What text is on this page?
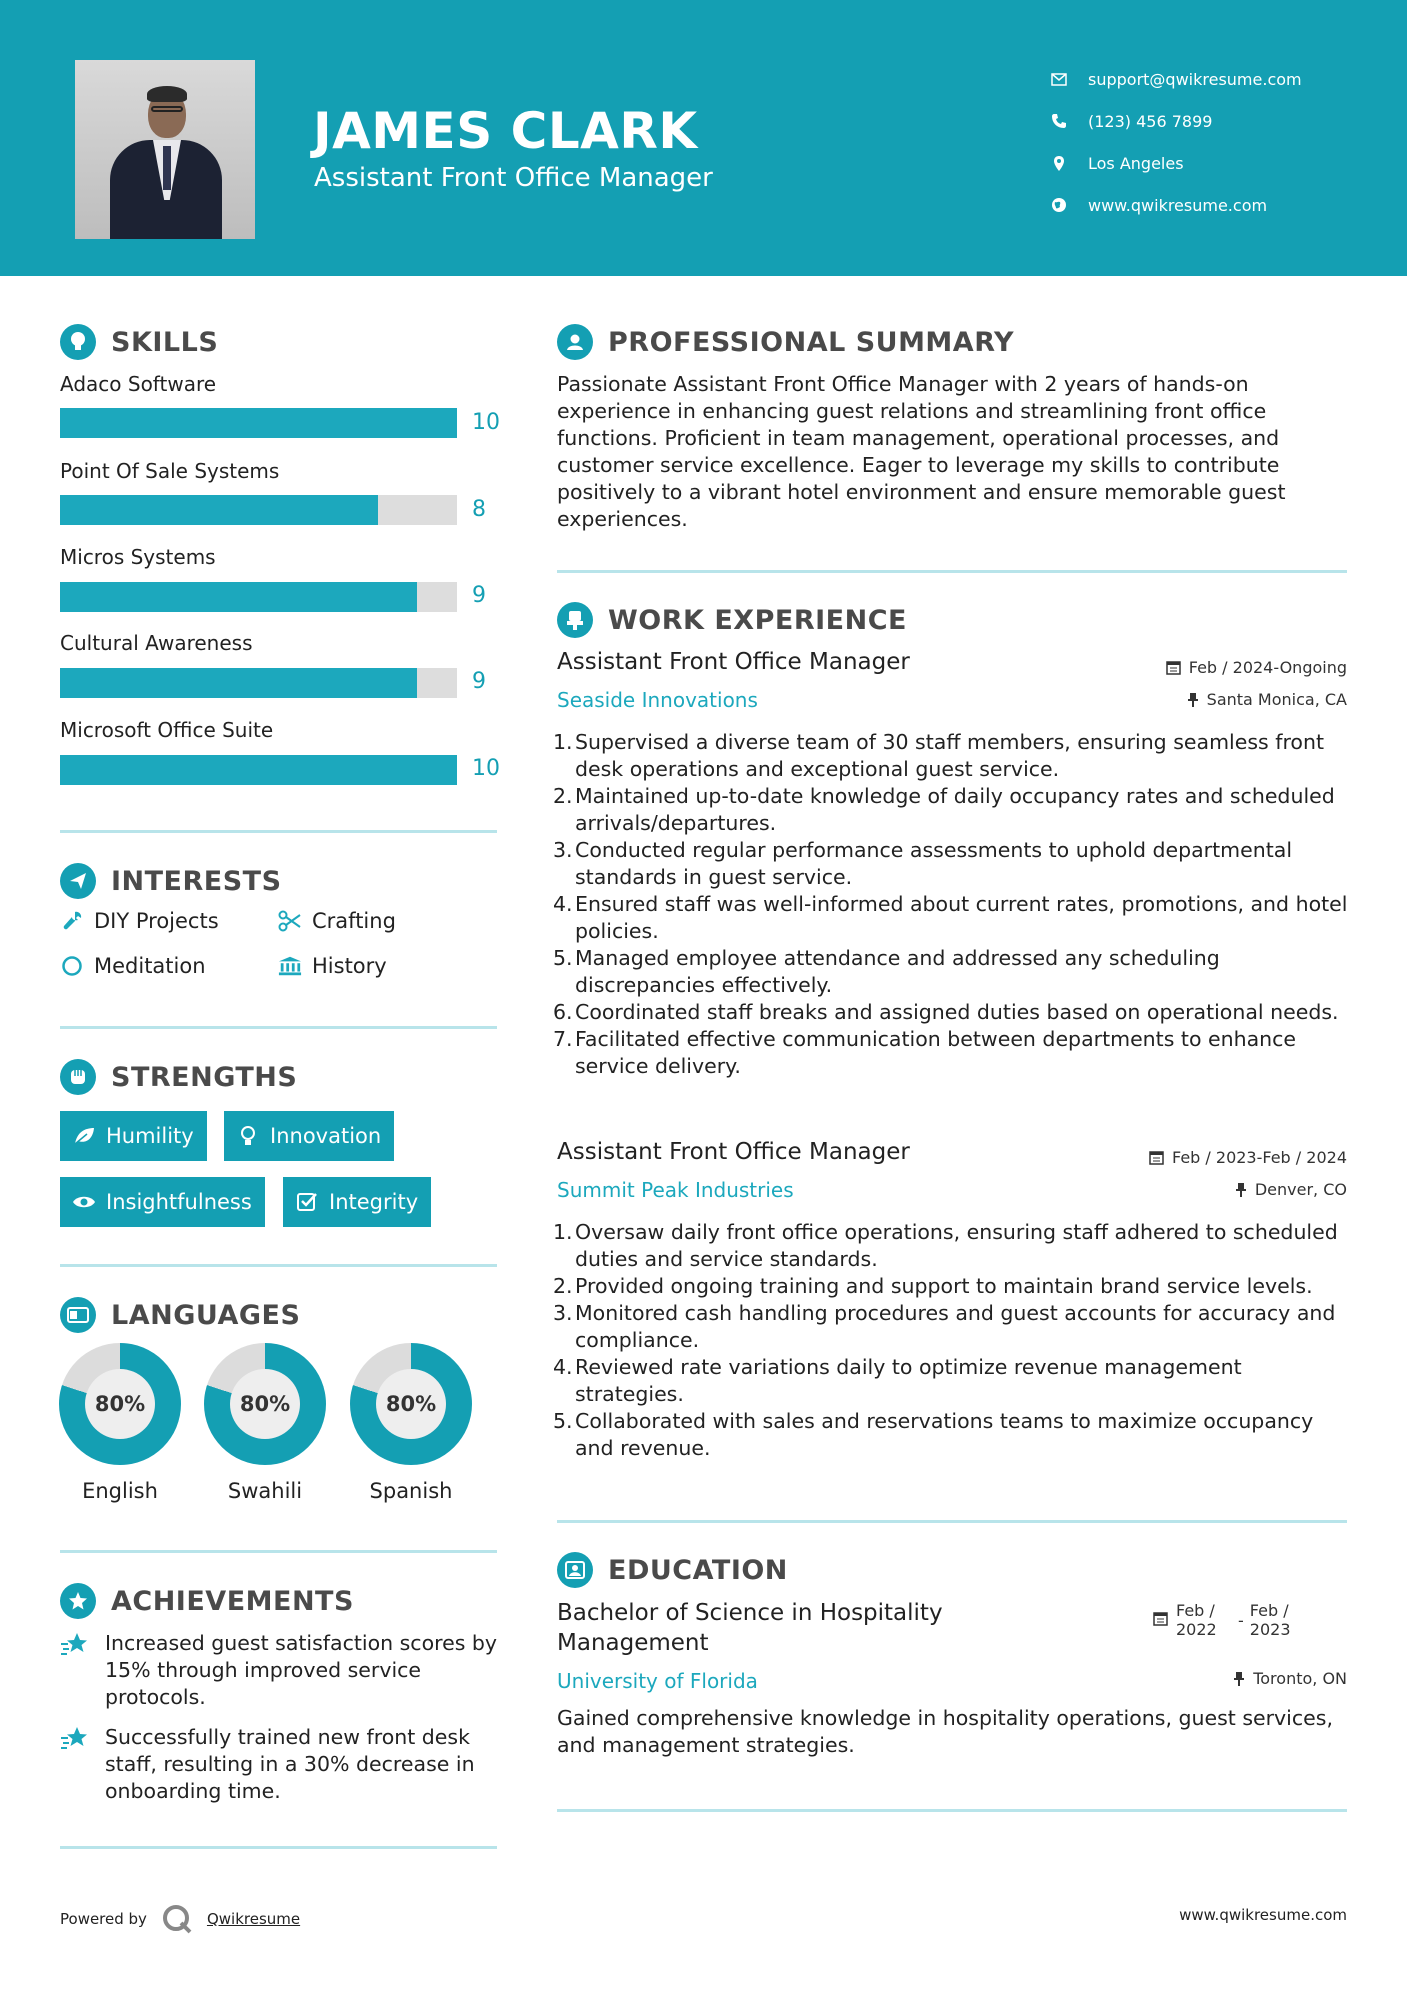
JAMES CLARK
Assistant Front Office Manager
support@qwikresume.com
(123) 456 7899
Los Angeles
www.qwikresume.com
SKILLS
Adaco Software
10
Point Of Sale Systems
8
Micros Systems
9
Cultural Awareness
9
Microsoft Office Suite
10
INTERESTS
DIY Projects	Crafting
Meditation	History
STRENGTHS
Humility	Innovation
Insightfulness	Integrity
LANGUAGES
80%
English
80%
Swahili
80%
Spanish
ACHIEVEMENTS
Increased guest satisfaction scores by 15% through improved service protocols.
Successfully trained new front desk staff, resulting in a 30% decrease in onboarding time.
PROFESSIONAL SUMMARY
Passionate Assistant Front Office Manager with 2 years of hands-on experience in enhancing guest relations and streamlining front office functions. Proficient in team management, operational processes, and customer service excellence. Eager to leverage my skills to contribute positively to a vibrant hotel environment and ensure memorable guest experiences.
WORK EXPERIENCE
Assistant Front Office Manager	Feb / 2024-Ongoing
Seaside Innovations	Santa Monica, CA
1. Supervised a diverse team of 30 staff members, ensuring seamless front desk operations and exceptional guest service.
2. Maintained up-to-date knowledge of daily occupancy rates and scheduled arrivals/departures.
3. Conducted regular performance assessments to uphold departmental standards in guest service.
4. Ensured staff was well-informed about current rates, promotions, and hotel policies.
5. Managed employee attendance and addressed any scheduling discrepancies effectively.
6. Coordinated staff breaks and assigned duties based on operational needs.
7. Facilitated effective communication between departments to enhance service delivery.
Assistant Front Office Manager	Feb / 2023-Feb / 2024
Summit Peak Industries	Denver, CO
1. Oversaw daily front office operations, ensuring staff adhered to scheduled duties and service standards.
2. Provided ongoing training and support to maintain brand service levels.
3. Monitored cash handling procedures and guest accounts for accuracy and compliance.
4. Reviewed rate variations daily to optimize revenue management strategies.
5. Collaborated with sales and reservations teams to maximize occupancy and revenue.
EDUCATION
Bachelor of Science in Hospitality
Management
Feb /
2022	-
Feb /
2023
University of Florida	Toronto, ON
Gained comprehensive knowledge in hospitality operations, guest services, and management strategies.
Powered by	Qwikresume	www.qwikresume.com
